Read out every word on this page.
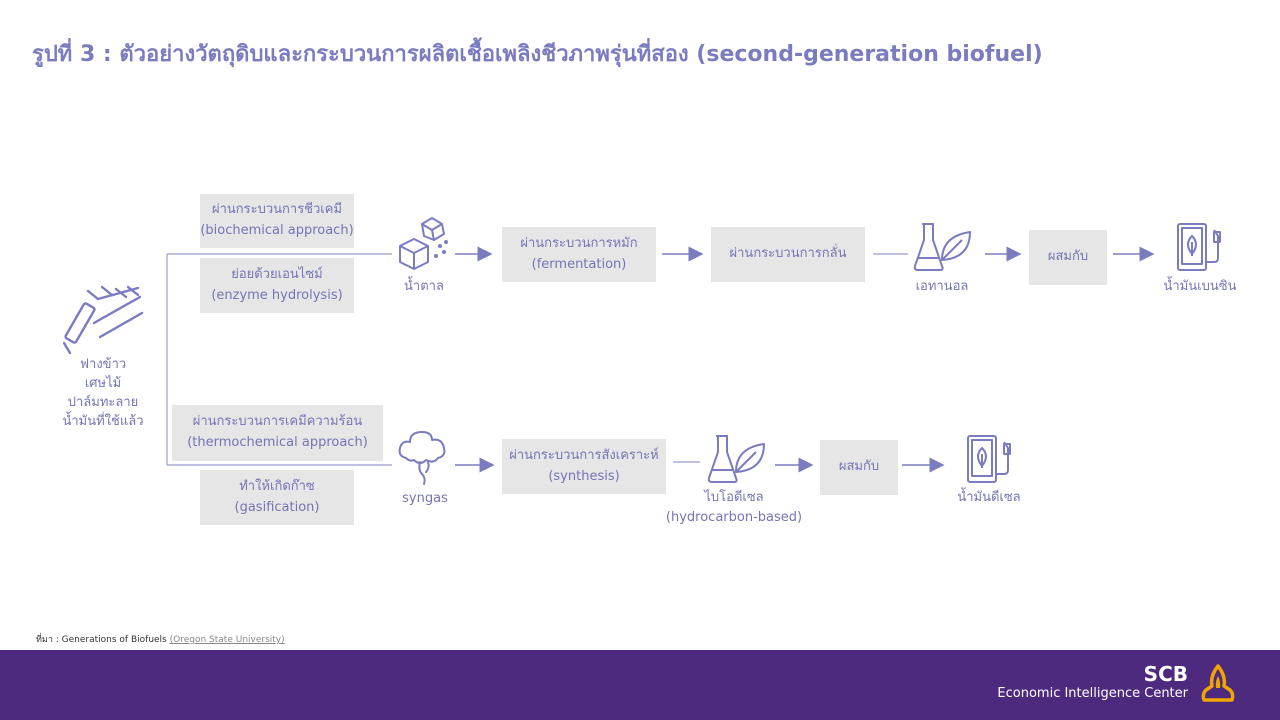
รูปที่ 3 : ตัวอย่างวัตถุดิบและกระบวนการผลิตเชื้อเพลิงชีวภาพรุ่นที่สอง (second-generation biofuel)
ฟางข้าว
เศษไม้
ปาล์มทะลาย
น้ำมันที่ใช้แล้ว
ผ่านกระบวนการชีวเคมี
(biochemical approach)
ย่อยด้วยเอนไซม์
(enzyme hydrolysis)
น้ำตาล
ผ่านกระบวนการหมัก
(fermentation)
ผ่านกระบวนการกลั่น
เอทานอล
ผสมกับ
น้ำมันเบนซิน
ผ่านกระบวนการเคมีความร้อน
(thermochemical approach)
ทำให้เกิดก๊าซ
(gasification)
syngas
ผ่านกระบวนการสังเคราะห์
(synthesis)
ไบโอดีเซล
(hydrocarbon-based)
ผสมกับ
น้ำมันดีเซล
ที่มา : Generations of Biofuels (Oregon State University)
SCB
Economic Intelligence Center
